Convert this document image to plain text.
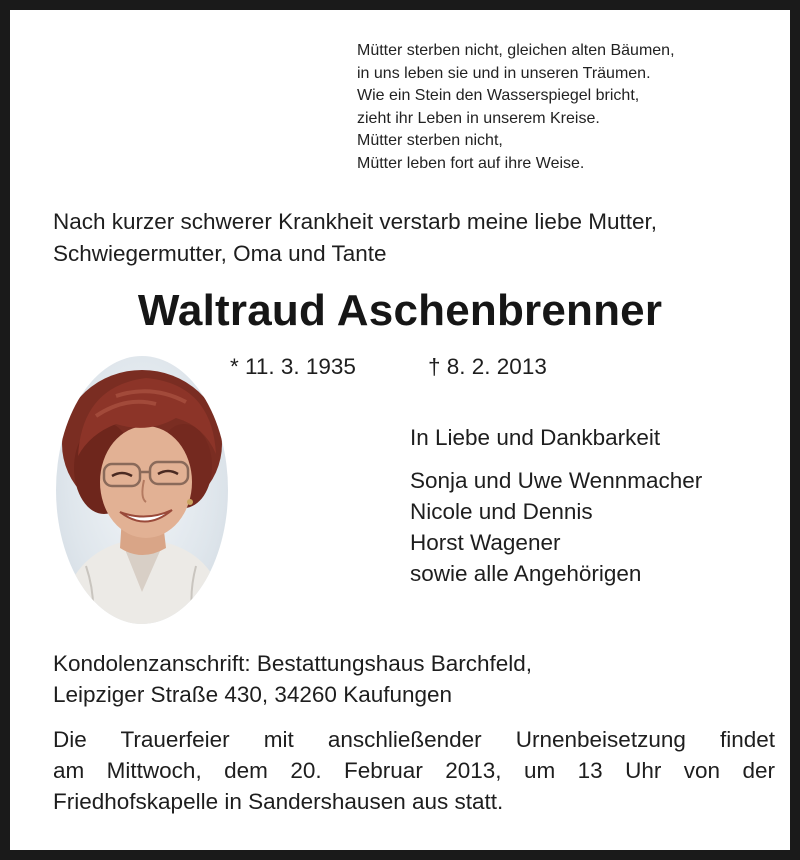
Mütter sterben nicht, gleichen alten Bäumen,
in uns leben sie und in unseren Träumen.
Wie ein Stein den Wasserspiegel bricht,
zieht ihr Leben in unserem Kreise.
Mütter sterben nicht,
Mütter leben fort auf ihre Weise.
Nach kurzer schwerer Krankheit verstarb meine liebe Mutter,
Schwiegermutter, Oma und Tante
Waltraud Aschenbrenner
* 11. 3. 1935	† 8. 2. 2013
In Liebe und Dankbarkeit
Sonja und Uwe Wennmacher
Nicole und Dennis
Horst Wagener
sowie alle Angehörigen
Kondolenzanschrift: Bestattungshaus Barchfeld,
Leipziger Straße 430, 34260 Kaufungen
Die Trauerfeier mit anschließender Urnenbeisetzung findet
am Mittwoch, dem 20. Februar 2013, um 13 Uhr von der
Friedhofskapelle in Sandershausen aus statt.
